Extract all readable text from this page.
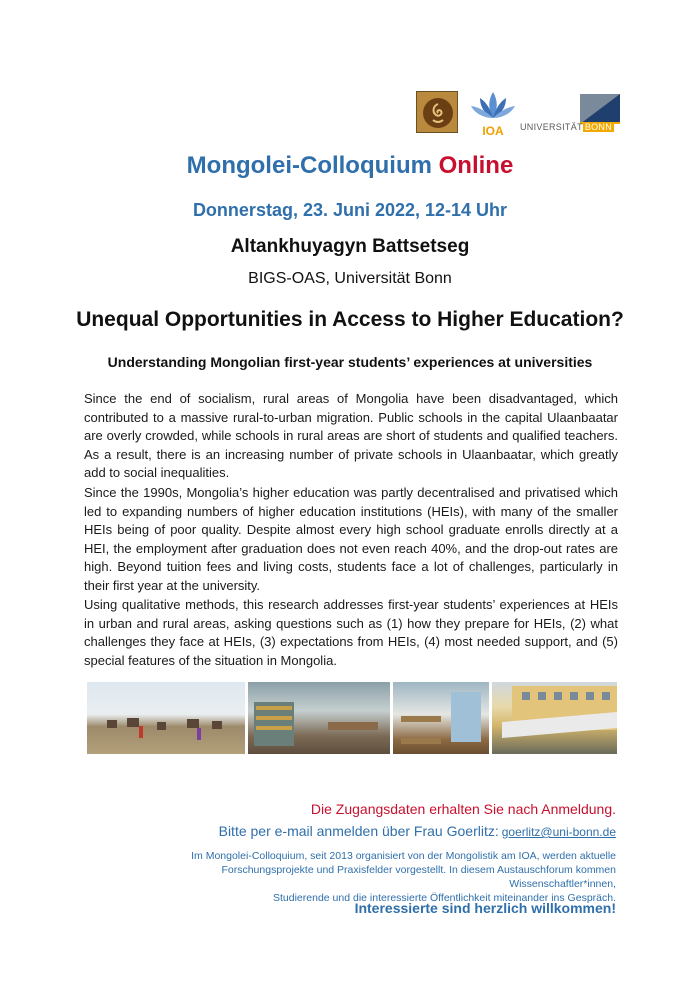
IOA	UNIVERSITÄT BONN
Mongolei-Colloquium Online
Donnerstag, 23. Juni 2022, 12-14 Uhr
Altankhuyagyn Battsetseg
BIGS-OAS, Universität Bonn
Unequal Opportunities in Access to Higher Education?
Understanding Mongolian first-year students’ experiences at universities
Since the end of socialism, rural areas of Mongolia have been disadvantaged, which contributed to a massive rural-to-urban migration. Public schools in the capital Ulaanbaatar are overly crowded, while schools in rural areas are short of students and qualified teachers. As a result, there is an increasing number of private schools in Ulaanbaatar, which greatly add to social inequalities.
Since the 1990s, Mongolia’s higher education was partly decentralised and privatised which led to expanding numbers of higher education institutions (HEIs), with many of the smaller HEIs being of poor quality. Despite almost every high school graduate enrolls directly at a HEI, the employment after graduation does not even reach 40%, and the drop-out rates are high. Beyond tuition fees and living costs, students face a lot of challenges, particularly in their first year at the university.
Using qualitative methods, this research addresses first-year students’ experiences at HEIs in urban and rural areas, asking questions such as (1) how they prepare for HEIs, (2) what challenges they face at HEIs, (3) expectations from HEIs, (4) most needed support, and (5) special features of the situation in Mongolia.
Die Zugangsdaten erhalten Sie nach Anmeldung.
Bitte per e-mail anmelden über Frau Goerlitz: goerlitz@uni-bonn.de
Im Mongolei-Colloquium, seit 2013 organisiert von der Mongolistik am IOA, werden aktuelle
Forschungsprojekte und Praxisfelder vorgestellt. In diesem Austauschforum kommen Wissenschaftler*innen,
Studierende und die interessierte Öffentlichkeit miteinander ins Gespräch.
Interessierte sind herzlich willkommen!
